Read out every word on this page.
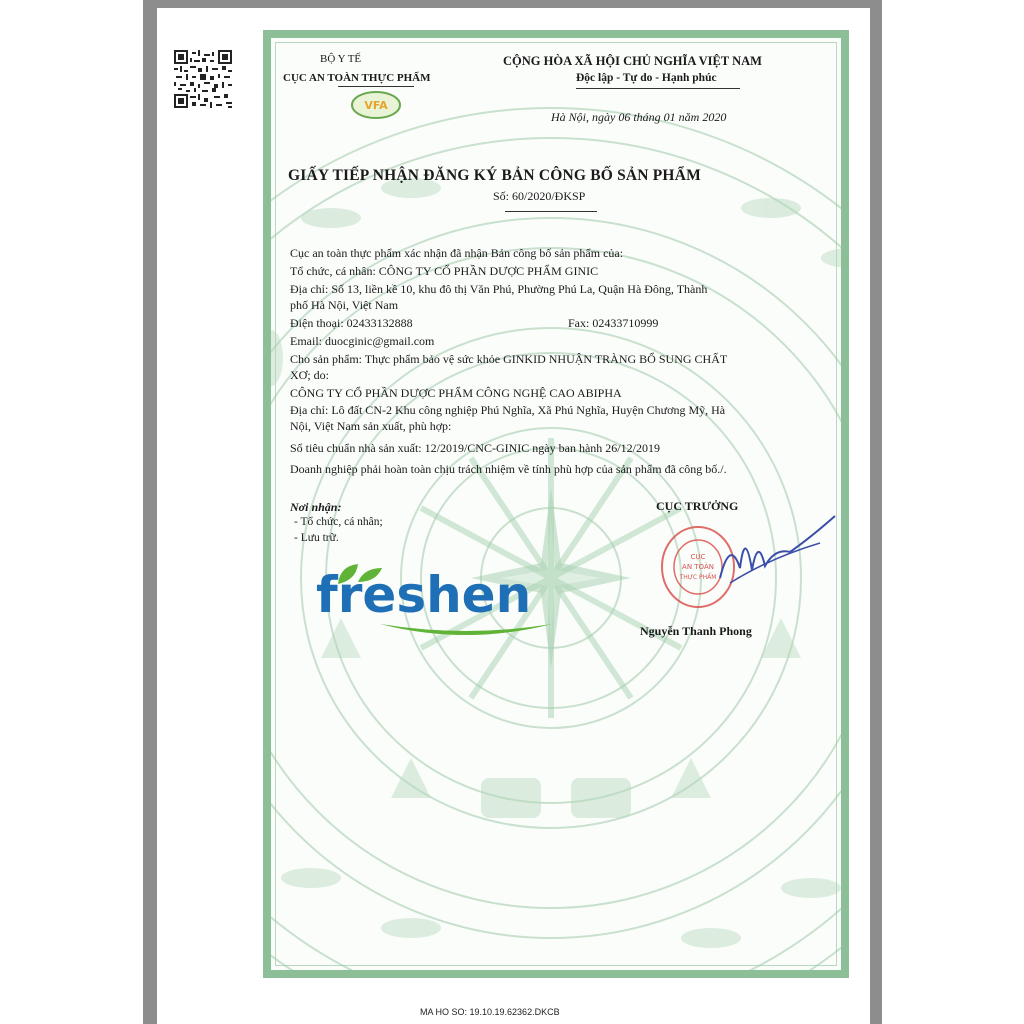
BỘ Y TẾ
CỤC AN TOÀN THỰC PHẨM
VFA
CỘNG HÒA XÃ HỘI CHỦ NGHĨA VIỆT NAM
Độc lập - Tự do - Hạnh phúc
Hà Nội, ngày 06 tháng 01 năm 2020
GIẤY TIẾP NHẬN ĐĂNG KÝ BẢN CÔNG BỐ SẢN PHẨM
Số: 60/2020/ĐKSP
Cục an toàn thực phẩm xác nhận đã nhận Bản công bố sản phẩm của:
Tổ chức, cá nhân: CÔNG TY CỔ PHẦN DƯỢC PHẨM GINIC
Địa chỉ: Số 13, liền kề 10, khu đô thị Văn Phú, Phường Phú La, Quận Hà Đông, Thành
phố Hà Nội, Việt Nam
Điện thoại: 02433132888	Fax: 02433710999
Email: duocginic@gmail.com
Cho sản phẩm: Thực phẩm bảo vệ sức khỏe GINKID NHUẬN TRÀNG BỔ SUNG CHẤT
XƠ; do:
CÔNG TY CỔ PHẦN DƯỢC PHẨM CÔNG NGHỆ CAO ABIPHA
Địa chỉ: Lô đất CN-2 Khu công nghiệp Phú Nghĩa, Xã Phú Nghĩa, Huyện Chương Mỹ, Hà
Nội, Việt Nam sản xuất, phù hợp:
Số tiêu chuẩn nhà sản xuất: 12/2019/CNC-GINIC ngày ban hành 26/12/2019
Doanh nghiệp phải hoàn toàn chịu trách nhiệm về tính phù hợp của sản phẩm đã công bố./.
Nơi nhận:
- Tổ chức, cá nhân;
- Lưu trữ.
CỤC TRƯỞNG
CỤC
AN TOÀN
THỰC PHẨM
Nguyễn Thanh Phong
freshen
MA HO SO: 19.10.19.62362.DKCB
